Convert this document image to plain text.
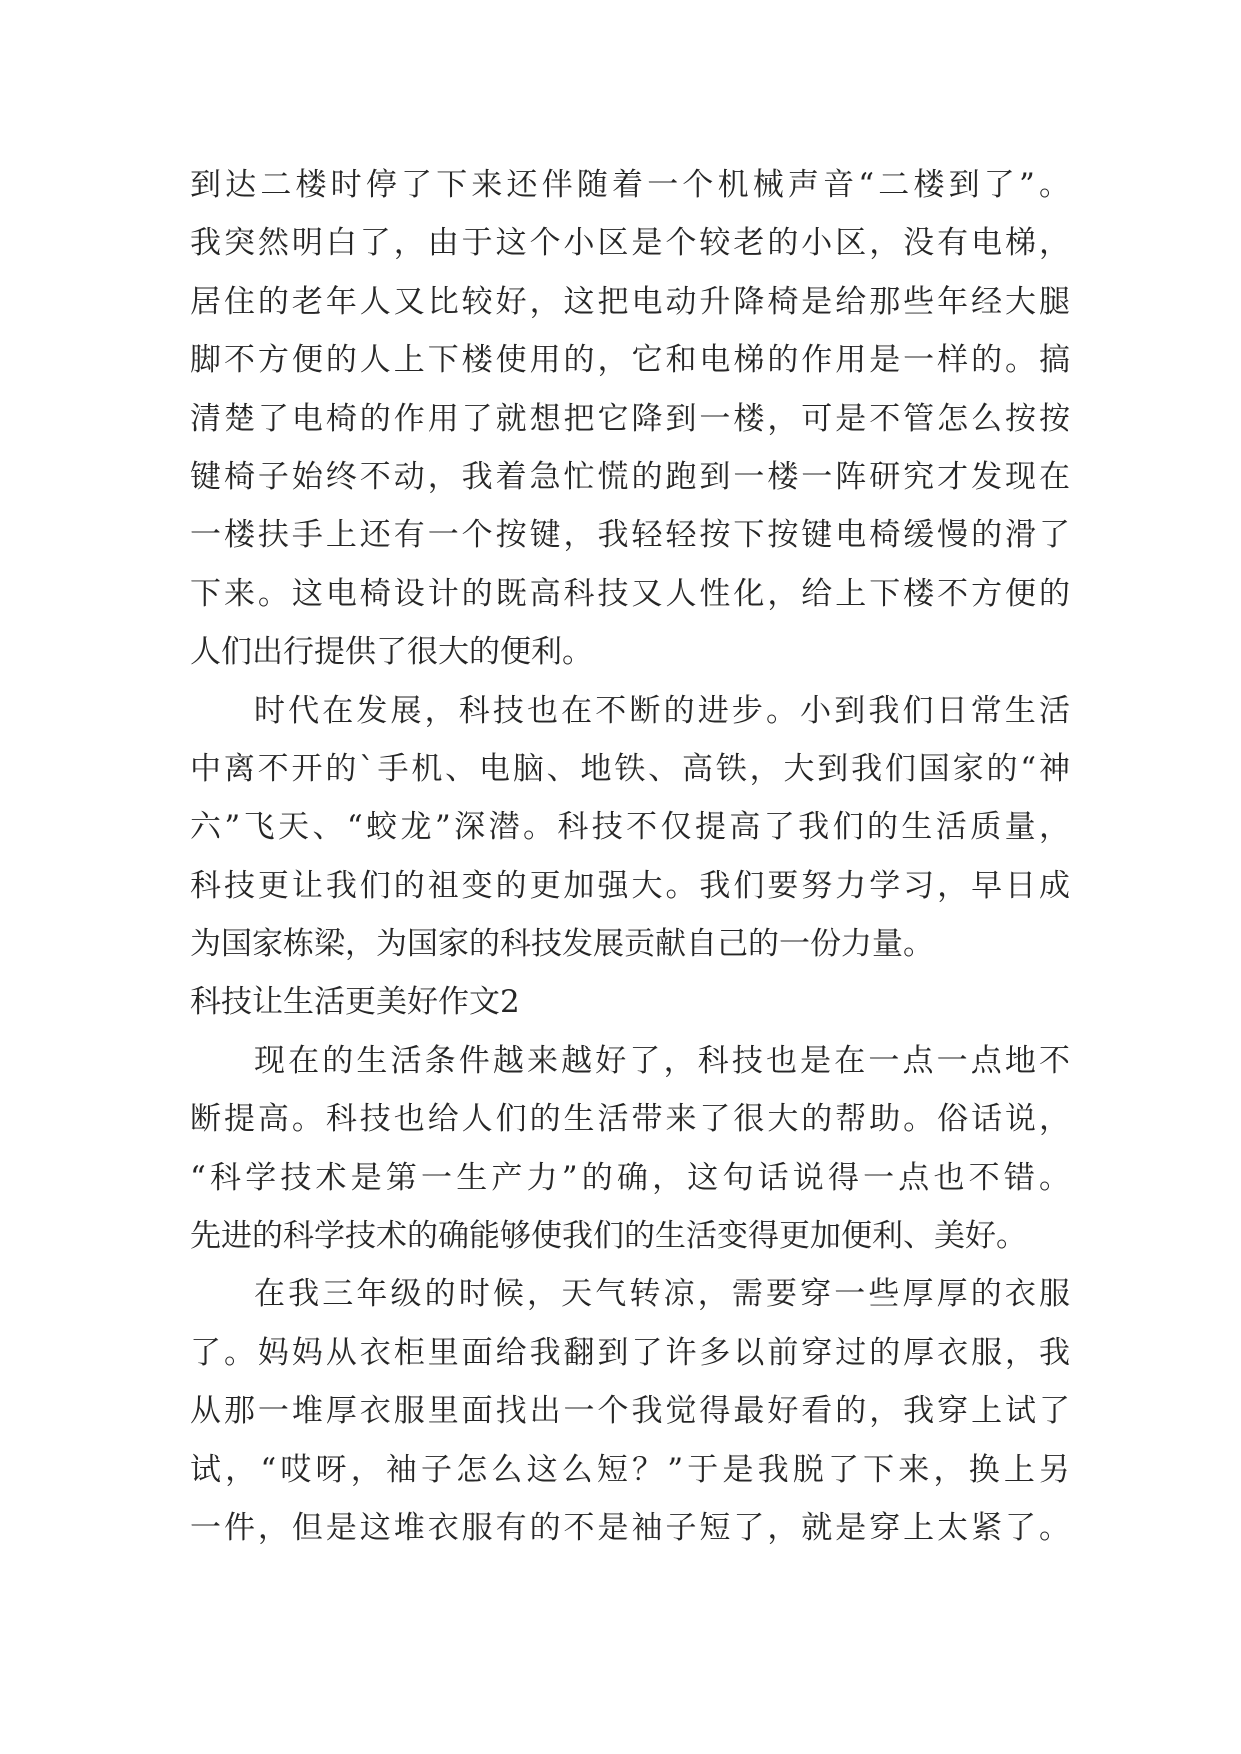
到达二楼时停了下来还伴随着一个机械声音“二楼到了”。
我突然明白了，由于这个小区是个较老的小区，没有电梯，
居住的老年人又比较好，这把电动升降椅是给那些年经大腿
脚不方便的人上下楼使用的，它和电梯的作用是一样的。搞
清楚了电椅的作用了就想把它降到一楼，可是不管怎么按按
键椅子始终不动，我着急忙慌的跑到一楼一阵研究才发现在
一楼扶手上还有一个按键，我轻轻按下按键电椅缓慢的滑了
下来。这电椅设计的既高科技又人性化，给上下楼不方便的
人们出行提供了很大的便利。
时代在发展，科技也在不断的进步。小到我们日常生活
中离不开的`手机、电脑、地铁、高铁，大到我们国家的“神
六”飞天、“蛟龙”深潜。科技不仅提高了我们的生活质量，
科技更让我们的祖变的更加强大。我们要努力学习，早日成
为国家栋梁，为国家的科技发展贡献自己的一份力量。
科技让生活更美好作文2
现在的生活条件越来越好了，科技也是在一点一点地不
断提高。科技也给人们的生活带来了很大的帮助。俗话说，
“科学技术是第一生产力”的确，这句话说得一点也不错。
先进的科学技术的确能够使我们的生活变得更加便利、美好。
在我三年级的时候，天气转凉，需要穿一些厚厚的衣服
了。妈妈从衣柜里面给我翻到了许多以前穿过的厚衣服，我
从那一堆厚衣服里面找出一个我觉得最好看的，我穿上试了
试，“哎呀，袖子怎么这么短？”于是我脱了下来，换上另
一件，但是这堆衣服有的不是袖子短了，就是穿上太紧了。
